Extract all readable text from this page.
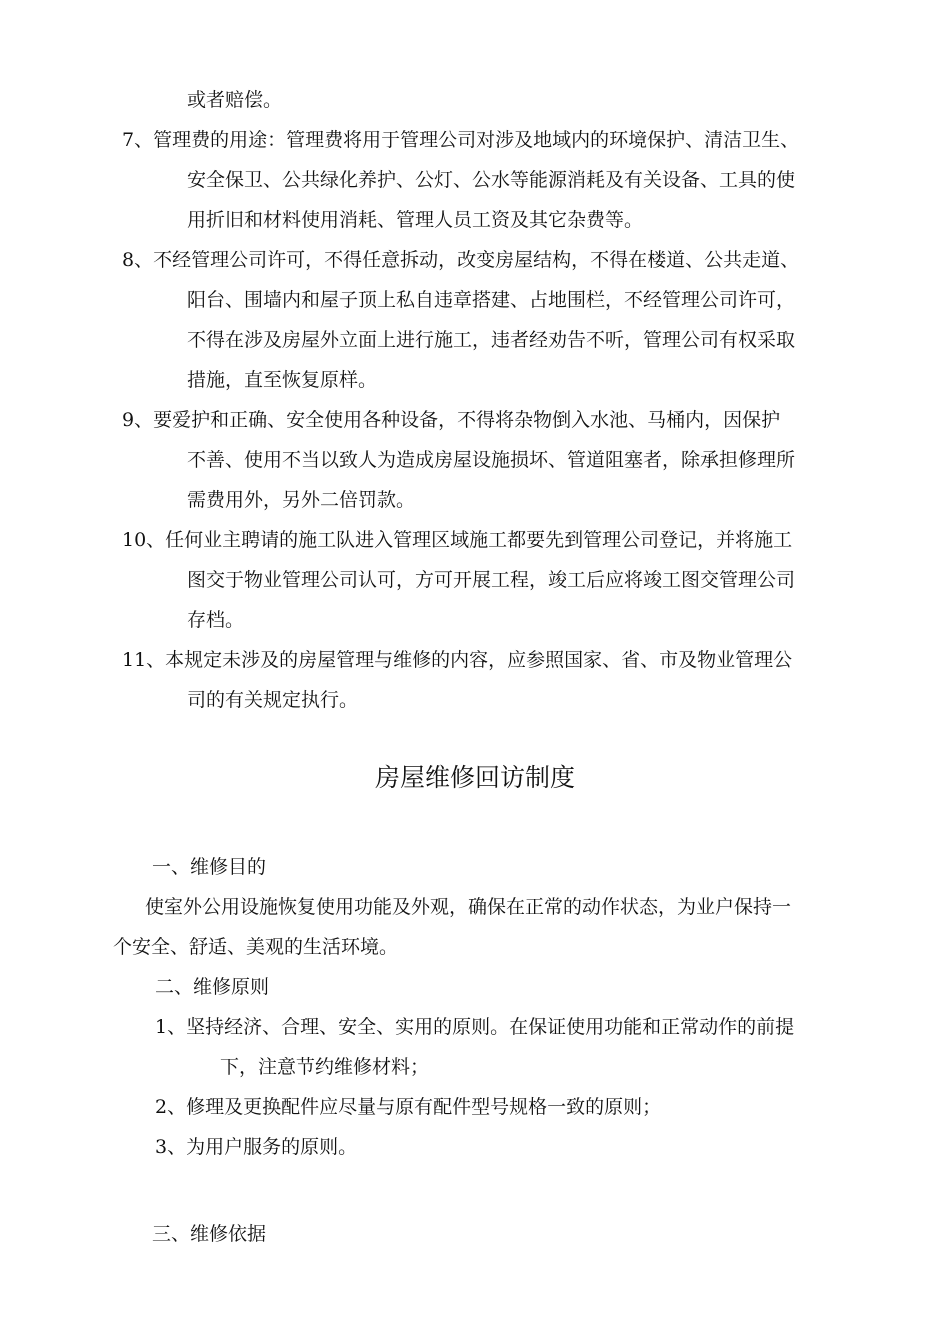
或者赔偿。
7、管理费的用途：管理费将用于管理公司对涉及地域内的环境保护、清洁卫生、
安全保卫、公共绿化养护、公灯、公水等能源消耗及有关设备、工具的使
用折旧和材料使用消耗、管理人员工资及其它杂费等。
8、不经管理公司许可，不得任意拆动，改变房屋结构，不得在楼道、公共走道、
阳台、围墙内和屋子顶上私自违章搭建、占地围栏，不经管理公司许可，
不得在涉及房屋外立面上进行施工，违者经劝告不听，管理公司有权采取
措施，直至恢复原样。
9、要爱护和正确、安全使用各种设备，不得将杂物倒入水池、马桶内，因保护
不善、使用不当以致人为造成房屋设施损坏、管道阻塞者，除承担修理所
需费用外，另外二倍罚款。
10、任何业主聘请的施工队进入管理区域施工都要先到管理公司登记，并将施工
图交于物业管理公司认可，方可开展工程，竣工后应将竣工图交管理公司
存档。
11、本规定未涉及的房屋管理与维修的内容，应参照国家、省、市及物业管理公
司的有关规定执行。
房屋维修回访制度
一、维修目的
使室外公用设施恢复使用功能及外观，确保在正常的动作状态，为业户保持一
个安全、舒适、美观的生活环境。
二、维修原则
1、坚持经济、合理、安全、实用的原则。在保证使用功能和正常动作的前提
下，注意节约维修材料；
2、修理及更换配件应尽量与原有配件型号规格一致的原则；
3、为用户服务的原则。
三、维修依据
